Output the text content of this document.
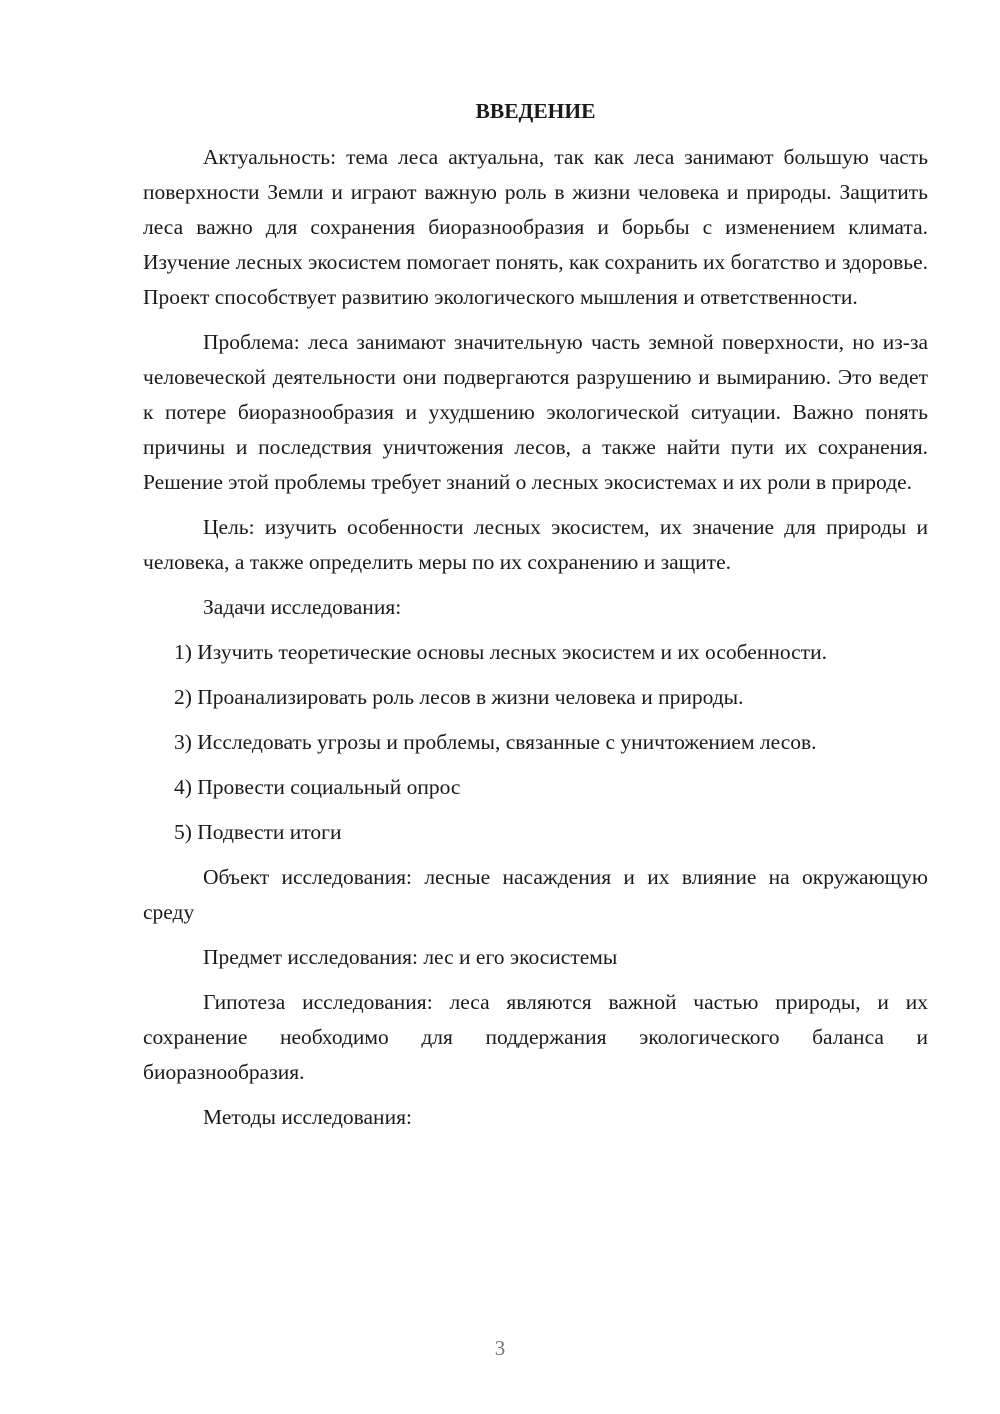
ВВЕДЕНИЕ

Актуальность: тема леса актуальна, так как леса занимают большую часть поверхности Земли и играют важную роль в жизни человека и природы. Защитить леса важно для сохранения биоразнообразия и борьбы с изменением климата. Изучение лесных экосистем помогает понять, как сохранить их богатство и здоровье. Проект способствует развитию экологического мышления и ответственности.

Проблема: леса занимают значительную часть земной поверхности, но из-за человеческой деятельности они подвергаются разрушению и вымиранию. Это ведет к потере биоразнообразия и ухудшению экологической ситуации. Важно понять причины и последствия уничтожения лесов, а также найти пути их сохранения. Решение этой проблемы требует знаний о лесных экосистемах и их роли в природе.

Цель: изучить особенности лесных экосистем, их значение для природы и человека, а также определить меры по их сохранению и защите.

Задачи исследования:

1) Изучить теоретические основы лесных экосистем и их особенности.
2) Проанализировать роль лесов в жизни человека и природы.
3) Исследовать угрозы и проблемы, связанные с уничтожением лесов.
4) Провести социальный опрос
5) Подвести итоги

Объект исследования: лесные насаждения и их влияние на окружающую среду

Предмет исследования: лес и его экосистемы

Гипотеза исследования: леса являются важной частью природы, и их сохранение необходимо для поддержания экологического баланса и биоразнообразия.

Методы исследования:

3
